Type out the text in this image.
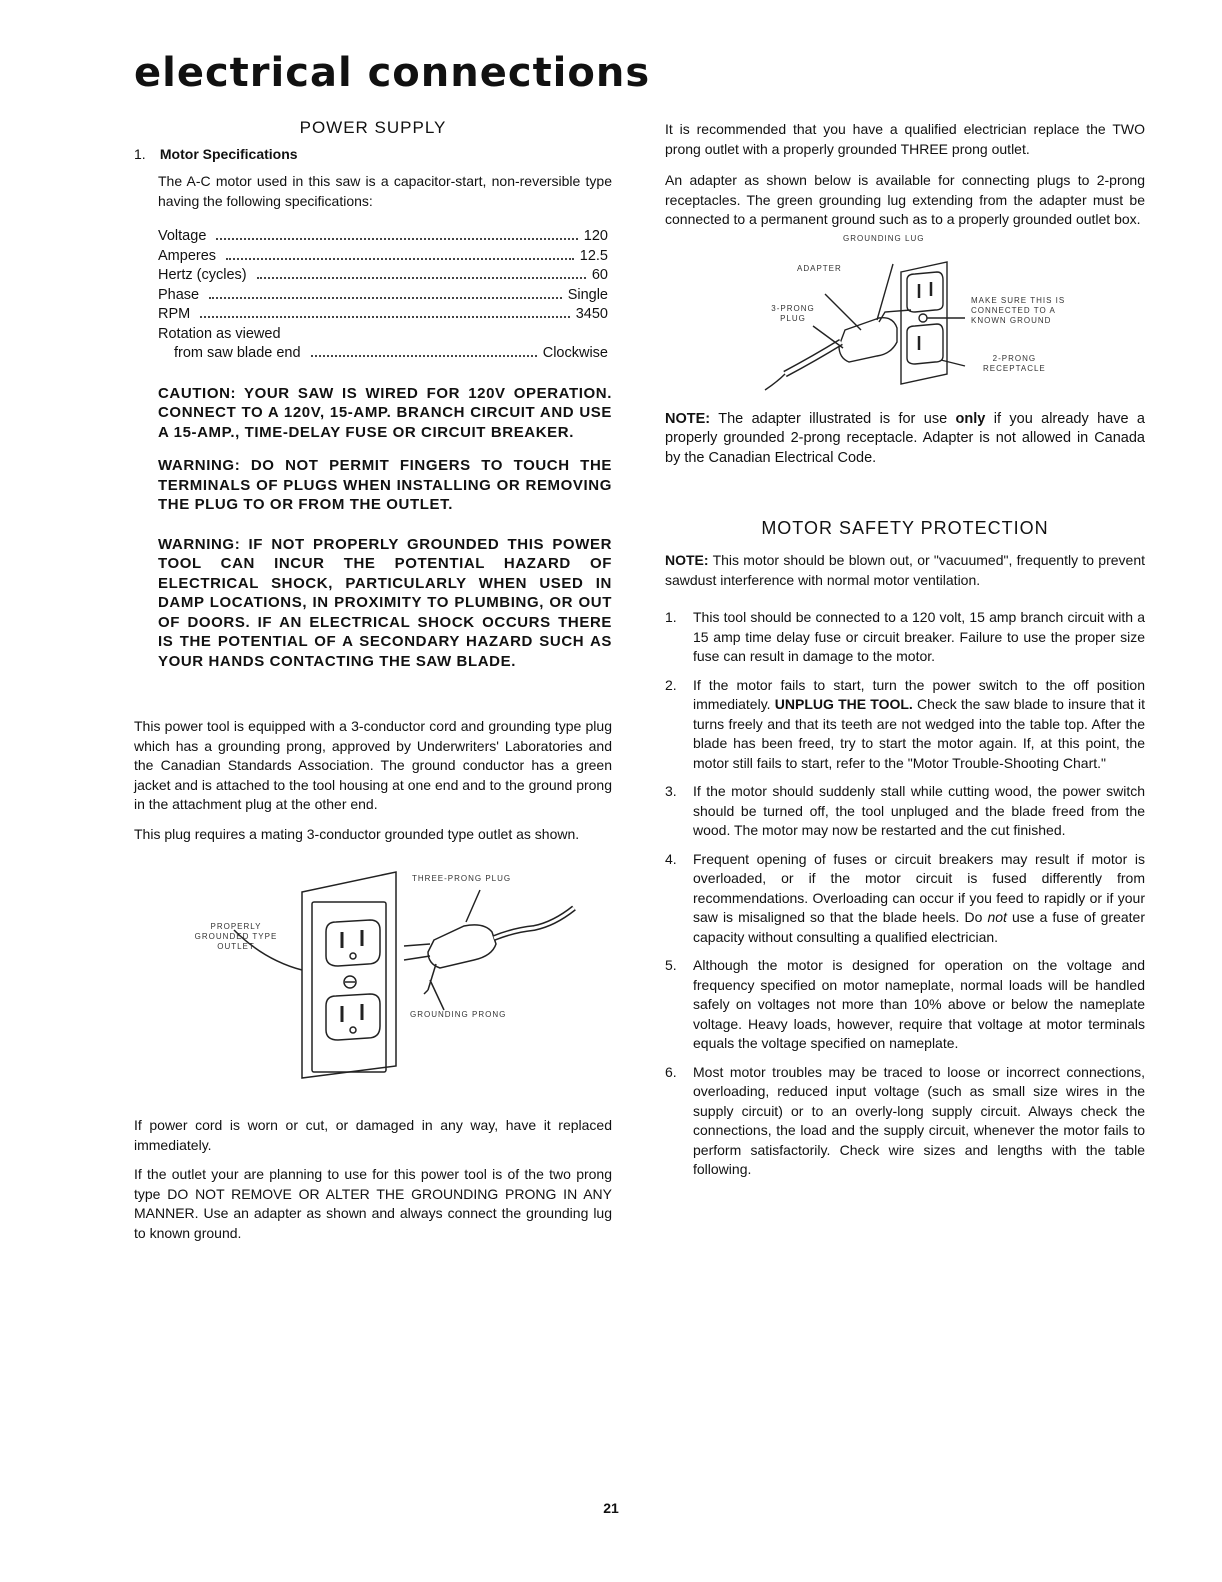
electrical connections
POWER SUPPLY
1. Motor Specifications

The A-C motor used in this saw is a capacitor-start, non-reversible type having the following specifications:

Voltage	120
Amperes	12.5
Hertz (cycles)	60
Phase	Single
RPM	3450
Rotation as viewed
from saw blade end	Clockwise

CAUTION: YOUR SAW IS WIRED FOR 120V OPERATION. CONNECT TO A 120V, 15-AMP. BRANCH CIRCUIT AND USE A 15-AMP., TIME-DELAY FUSE OR CIRCUIT BREAKER.

WARNING: DO NOT PERMIT FINGERS TO TOUCH THE TERMINALS OF PLUGS WHEN INSTALLING OR REMOVING THE PLUG TO OR FROM THE OUTLET.

WARNING: IF NOT PROPERLY GROUNDED THIS POWER TOOL CAN INCUR THE POTENTIAL HAZARD OF ELECTRICAL SHOCK, PARTICULARLY WHEN USED IN DAMP LOCATIONS, IN PROXIMITY TO PLUMBING, OR OUT OF DOORS. IF AN ELECTRICAL SHOCK OCCURS THERE IS THE POTENTIAL OF A SECONDARY HAZARD SUCH AS YOUR HANDS CONTACTING THE SAW BLADE.

This power tool is equipped with a 3-conductor cord and grounding type plug which has a grounding prong, approved by Underwriters' Laboratories and the Canadian Standards Association. The ground conductor has a green jacket and is attached to the tool housing at one end and to the ground prong in the attachment plug at the other end.

This plug requires a mating 3-conductor grounded type outlet as shown.

PROPERLY
GROUNDED TYPE
OUTLET
THREE-PRONG PLUG
GROUNDING PRONG

If power cord is worn or cut, or damaged in any way, have it replaced immediately.

If the outlet your are planning to use for this power tool is of the two prong type DO NOT REMOVE OR ALTER THE GROUNDING PRONG IN ANY MANNER. Use an adapter as shown and always connect the grounding lug to known ground.

It is recommended that you have a qualified electrician replace the TWO prong outlet with a properly grounded THREE prong outlet.

An adapter as shown below is available for connecting plugs to 2-prong receptacles. The green grounding lug extending from the adapter must be connected to a permanent ground such as to a properly grounded outlet box.

GROUNDING LUG
ADAPTER
3-PRONG
PLUG
MAKE SURE THIS IS
CONNECTED TO A
KNOWN GROUND
2-PRONG
RECEPTACLE

NOTE: The adapter illustrated is for use only if you already have a properly grounded 2-prong receptacle. Adapter is not allowed in Canada by the Canadian Electrical Code.

MOTOR SAFETY PROTECTION

NOTE: This motor should be blown out, or "vacuumed", frequently to prevent sawdust interference with normal motor ventilation.

1.	This tool should be connected to a 120 volt, 15 amp branch circuit with a 15 amp time delay fuse or circuit breaker. Failure to use the proper size fuse can result in damage to the motor.
2.	If the motor fails to start, turn the power switch to the off position immediately. UNPLUG THE TOOL. Check the saw blade to insure that it turns freely and that its teeth are not wedged into the table top. After the blade has been freed, try to start the motor again. If, at this point, the motor still fails to start, refer to the "Motor Trouble-Shooting Chart."
3.	If the motor should suddenly stall while cutting wood, the power switch should be turned off, the tool unpluged and the blade freed from the wood. The motor may now be restarted and the cut finished.
4.	Frequent opening of fuses or circuit breakers may result if motor is overloaded, or if the motor circuit is fused differently from recommendations. Overloading can occur if you feed to rapidly or if your saw is misaligned so that the blade heels. Do not use a fuse of greater capacity without consulting a qualified electrician.
5.	Although the motor is designed for operation on the voltage and frequency specified on motor nameplate, normal loads will be handled safely on voltages not more than 10% above or below the nameplate voltage. Heavy loads, however, require that voltage at motor terminals equals the voltage specified on nameplate.
6.	Most motor troubles may be traced to loose or incorrect connections, overloading, reduced input voltage (such as small size wires in the supply circuit) or to an overly-long supply circuit. Always check the connections, the load and the supply circuit, whenever the motor fails to perform satisfactorily. Check wire sizes and lengths with the table following.
21
